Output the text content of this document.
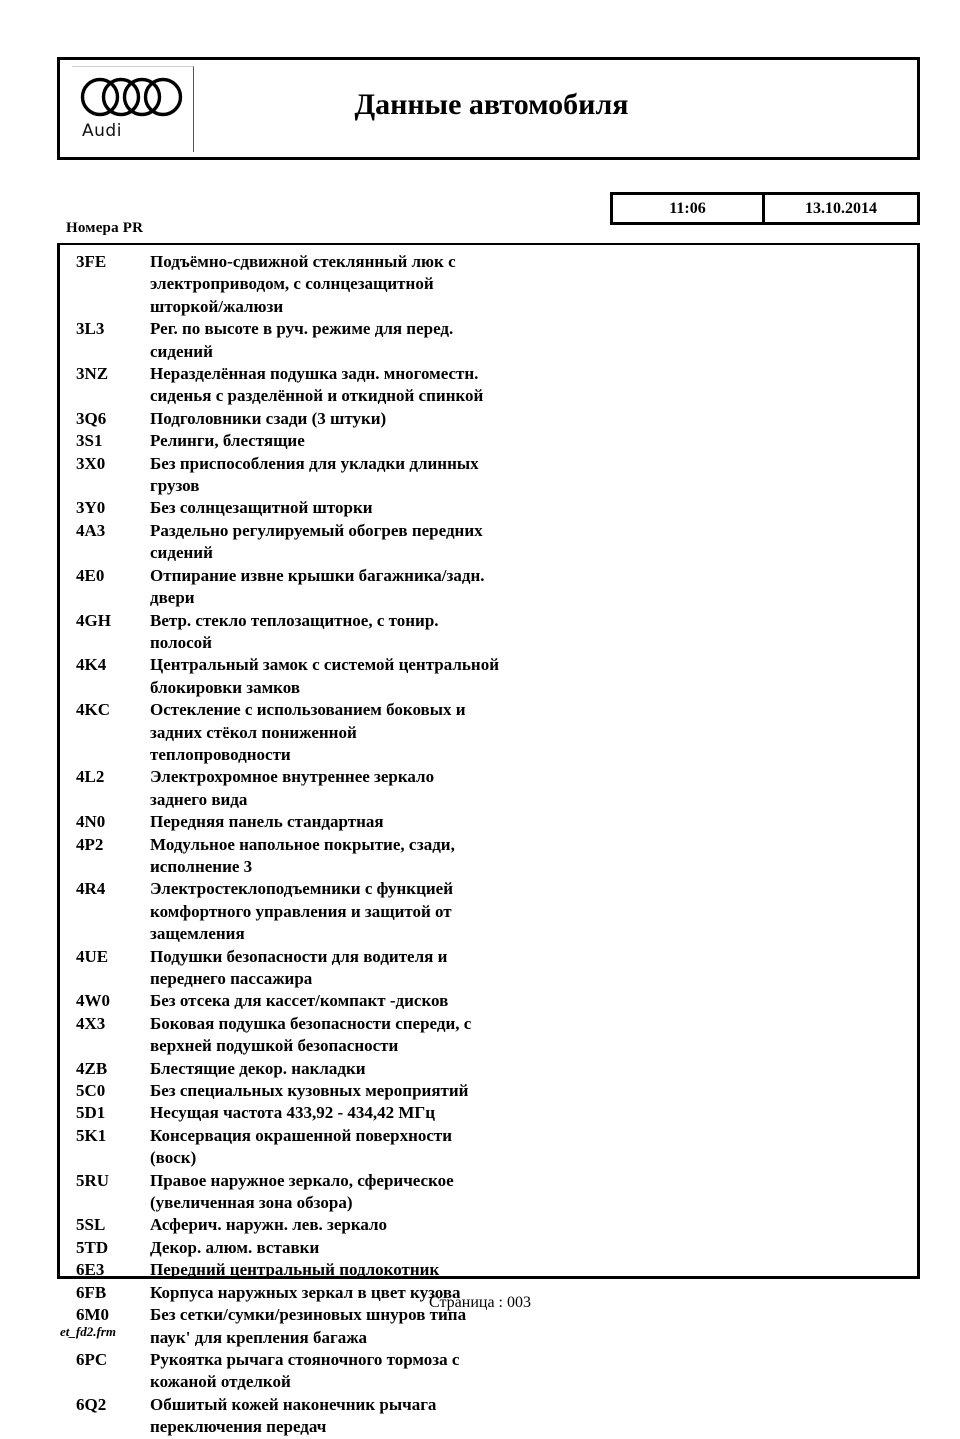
Audi
Данные автомобиля
11:06	13.10.2014
Номера PR
3FE	Подъёмно-сдвижной стеклянный люк с
электроприводом, с солнцезащитной
шторкой/жалюзи
3L3	Рег. по высоте в руч. режиме для перед.
сидений
3NZ	Неразделённая подушка задн. многоместн.
сиденья с разделённой и откидной спинкой
3Q6	Подголовники сзади (3 штуки)
3S1	Релинги, блестящие
3X0	Без приспособления для укладки длинных
грузов
3Y0	Без солнцезащитной шторки
4A3	Раздельно регулируемый обогрев передних
сидений
4E0	Отпирание извне крышки багажника/задн.
двери
4GH	Ветр. стекло теплозащитное, с тонир.
полосой
4K4	Центральный замок с системой центральной
блокировки замков
4KC	Остекление с использованием боковых и
задних стёкол пониженной
теплопроводности
4L2	Электрохромное внутреннее зеркало
заднего вида
4N0	Передняя панель стандартная
4P2	Модульное напольное покрытие, сзади,
исполнение 3
4R4	Электростеклоподъемники с функцией
комфортного управления и защитой от
защемления
4UE	Подушки безопасности для водителя и
переднего пассажира
4W0	Без отсека для кассет/компакт -дисков
4X3	Боковая подушка безопасности спереди, с
верхней подушкой безопасности
4ZB	Блестящие декор. накладки
5C0	Без специальных кузовных мероприятий
5D1	Несущая частота 433,92 - 434,42 МГц
5K1	Консервация окрашенной поверхности
(воск)
5RU	Правое наружное зеркало, сферическое
(увеличенная зона обзора)
5SL	Асферич. наружн. лев. зеркало
5TD	Декор. алюм. вставки
6E3	Передний центральный подлокотник
6FB	Корпуса наружных зеркал в цвет кузова
6M0	Без сетки/сумки/резиновых шнуров типа
паук' для крепления багажа
6PC	Рукоятка рычага стояночного тормоза с
кожаной отделкой
6Q2	Обшитый кожей наконечник рычага
переключения передач
Страница : 003
et_fd2.frm
